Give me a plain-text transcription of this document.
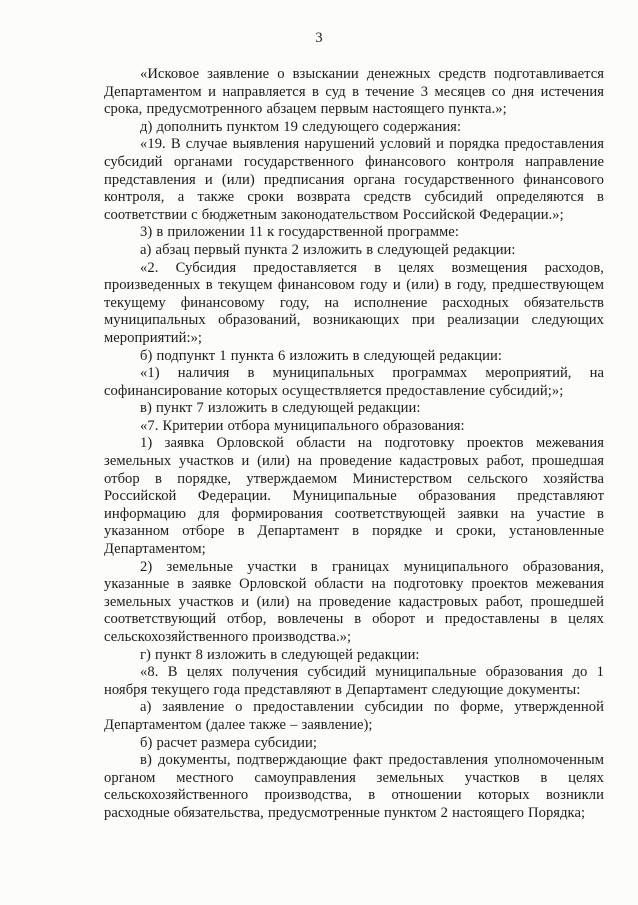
3

«Исковое заявление о взыскании денежных средств подготавливается Департаментом и направляется в суд в течение 3 месяцев со дня истечения срока, предусмотренного абзацем первым настоящего пункта.»;

д) дополнить пунктом 19 следующего содержания:

«19. В случае выявления нарушений условий и порядка предоставления субсидий органами государственного финансового контроля направление представления и (или) предписания органа государственного финансового контроля, а также сроки возврата средств субсидий определяются в соответствии с бюджетным законодательством Российской Федерации.»;

3) в приложении 11 к государственной программе:

а) абзац первый пункта 2 изложить в следующей редакции:

«2. Субсидия предоставляется в целях возмещения расходов, произведенных в текущем финансовом году и (или) в году, предшествующем текущему финансовому году, на исполнение расходных обязательств муниципальных образований, возникающих при реализации следующих мероприятий:»;

б) подпункт 1 пункта 6 изложить в следующей редакции:

«1) наличия в муниципальных программах мероприятий, на софинансирование которых осуществляется предоставление субсидий;»;

в) пункт 7 изложить в следующей редакции:

«7. Критерии отбора муниципального образования:

1) заявка Орловской области на подготовку проектов межевания земельных участков и (или) на проведение кадастровых работ, прошедшая отбор в порядке, утверждаемом Министерством сельского хозяйства Российской Федерации. Муниципальные образования представляют информацию для формирования соответствующей заявки на участие в указанном отборе в Департамент в порядке и сроки, установленные Департаментом;

2) земельные участки в границах муниципального образования, указанные в заявке Орловской области на подготовку проектов межевания земельных участков и (или) на проведение кадастровых работ, прошедшей соответствующий отбор, вовлечены в оборот и предоставлены в целях сельскохозяйственного производства.»;

г) пункт 8 изложить в следующей редакции:

«8. В целях получения субсидий муниципальные образования до 1 ноября текущего года представляют в Департамент следующие документы:

а) заявление о предоставлении субсидии по форме, утвержденной Департаментом (далее также – заявление);

б) расчет размера субсидии;

в) документы, подтверждающие факт предоставления уполномоченным органом местного самоуправления земельных участков в целях сельскохозяйственного производства, в отношении которых возникли расходные обязательства, предусмотренные пунктом 2 настоящего Порядка;
